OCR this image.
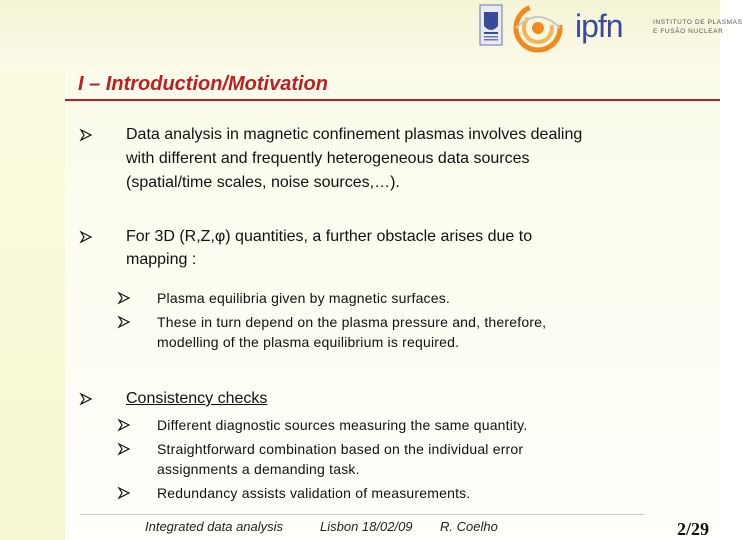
ipfn	INSTITUTO DE PLASMAS
E FUSÃO NUCLEAR
I – Introduction/Motivation
Data analysis in magnetic confinement plasmas involves dealing
with different and frequently heterogeneous data sources
(spatial/time scales, noise sources,…).
For 3D (R,Z,φ) quantities, a further obstacle arises due to
mapping :
Plasma equilibria given by magnetic surfaces.
These in turn depend on the plasma pressure and, therefore,
modelling of the plasma equilibrium is required.
Consistency checks
Different diagnostic sources measuring the same quantity.
Straightforward combination based on the individual error
assignments a demanding task.
Redundancy assists validation of measurements.
Integrated data analysis	Lisbon 18/02/09 R. Coelho	2/29
